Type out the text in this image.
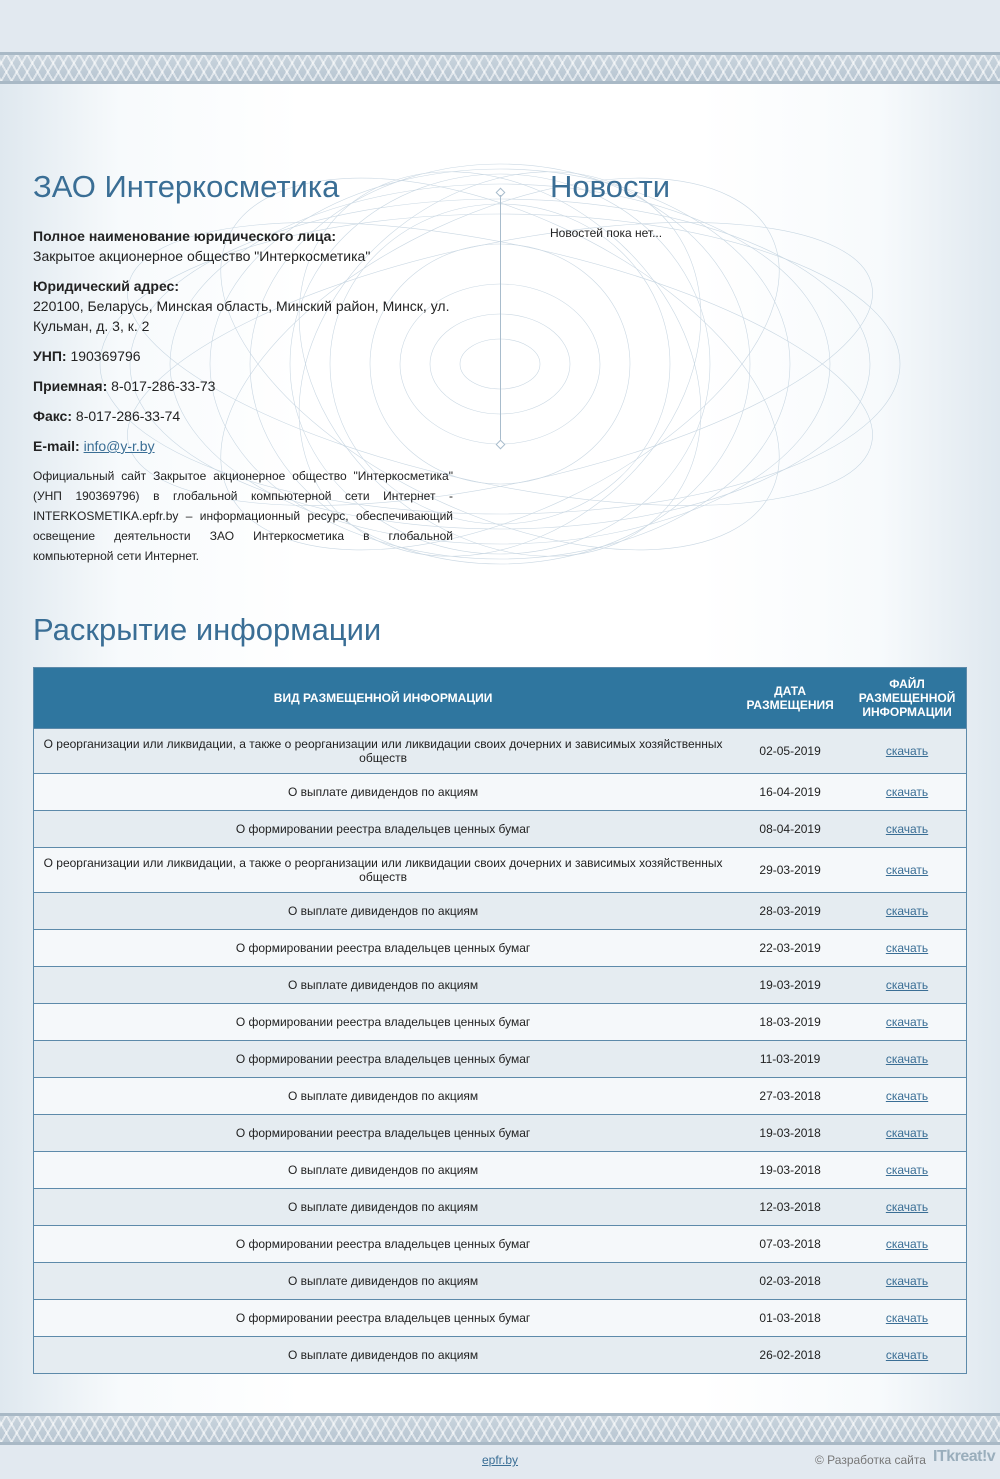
ЗАО Интеркосметика
Полное наименование юридического лица:
Закрытое акционерное общество "Интеркосметика"
Юридический адрес:
220100, Беларусь, Минская область, Минский район, Минск, ул. Кульман, д. 3, к. 2
УНП: 190369796
Приемная: 8-017-286-33-73
Факс: 8-017-286-33-74
E-mail: info@y-r.by

Официальный сайт Закрытое акционерное общество "Интеркосметика" (УНП 190369796) в глобальной компьютерной сети Интернет - INTERKOSMETIKA.epfr.by – информационный ресурс, обеспечивающий освещение деятельности ЗАО Интеркосметика в глобальной компьютерной сети Интернет.

Новости

Новостей пока нет...

Раскрытие информации
ВИД РАЗМЕЩЕННОЙ ИНФОРМАЦИИ	ДАТА РАЗМЕЩЕНИЯ	ФАЙЛ РАЗМЕЩЕННОЙ ИНФОРМАЦИИ
О реорганизации или ликвидации, а также о реорганизации или ликвидации своих дочерних и зависимых хозяйственных обществ	02-05-2019	скачать
О выплате дивидендов по акциям	16-04-2019	скачать
О формировании реестра владельцев ценных бумаг	08-04-2019	скачать
О реорганизации или ликвидации, а также о реорганизации или ликвидации своих дочерних и зависимых хозяйственных обществ	29-03-2019	скачать
О выплате дивидендов по акциям	28-03-2019	скачать
О формировании реестра владельцев ценных бумаг	22-03-2019	скачать
О выплате дивидендов по акциям	19-03-2019	скачать
О формировании реестра владельцев ценных бумаг	18-03-2019	скачать
О формировании реестра владельцев ценных бумаг	11-03-2019	скачать
О выплате дивидендов по акциям	27-03-2018	скачать
О формировании реестра владельцев ценных бумаг	19-03-2018	скачать
О выплате дивидендов по акциям	19-03-2018	скачать
О выплате дивидендов по акциям	12-03-2018	скачать
О формировании реестра владельцев ценных бумаг	07-03-2018	скачать
О выплате дивидендов по акциям	02-03-2018	скачать
О формировании реестра владельцев ценных бумаг	01-03-2018	скачать
О выплате дивидендов по акциям	26-02-2018	скачать
epfr.by	© Разработка сайта ITkreat!v
